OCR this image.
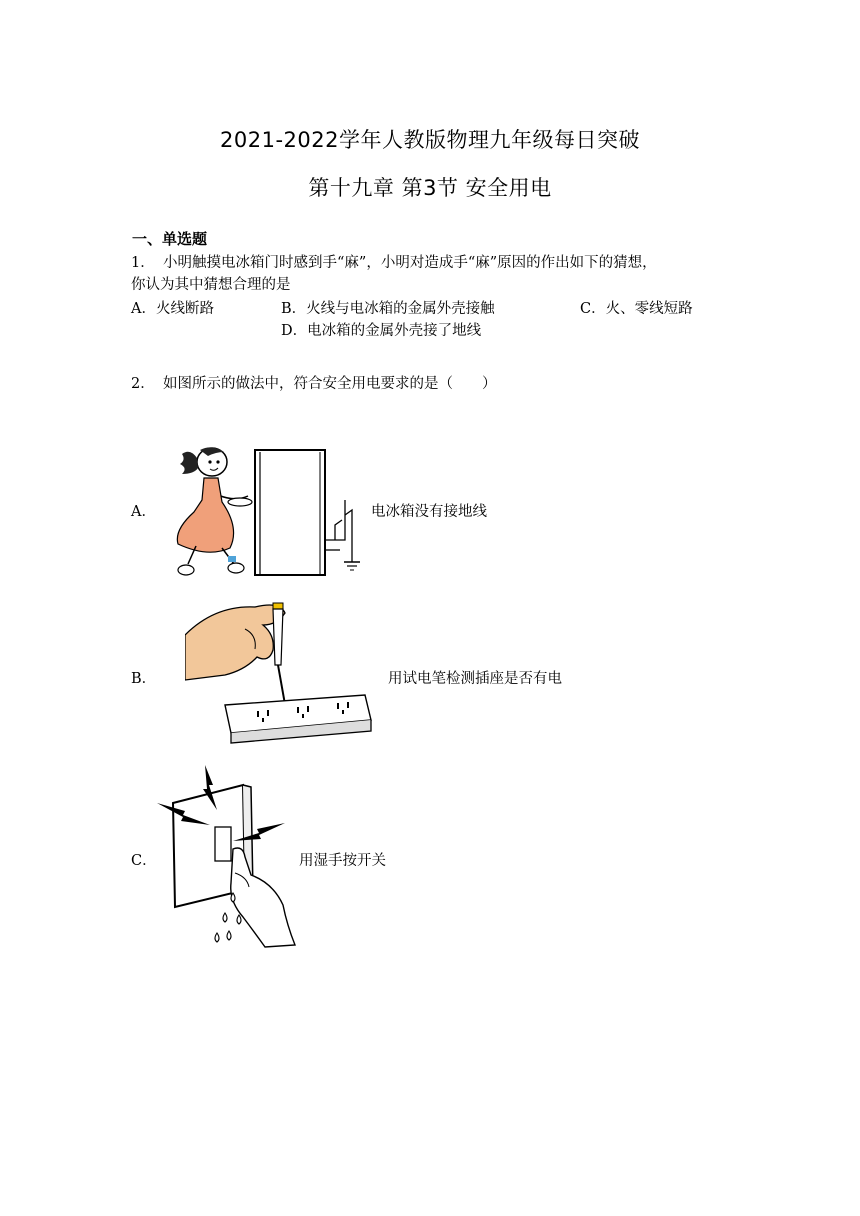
2021-2022学年人教版物理九年级每日突破
第十九章 第3节 安全用电
一、单选题
1． 小明触摸电冰箱门时感到手“麻”，小明对造成手“麻”原因的作出如下的猜想，
你认为其中猜想合理的是
A．火线断路	B．火线与电冰箱的金属外壳接触	C．火、零线短路
D．电冰箱的金属外壳接了地线
2． 如图所示的做法中，符合安全用电要求的是（　　）
A．	电冰箱没有接地线
B．	用试电笔检测插座是否有电
C．	用湿手按开关
